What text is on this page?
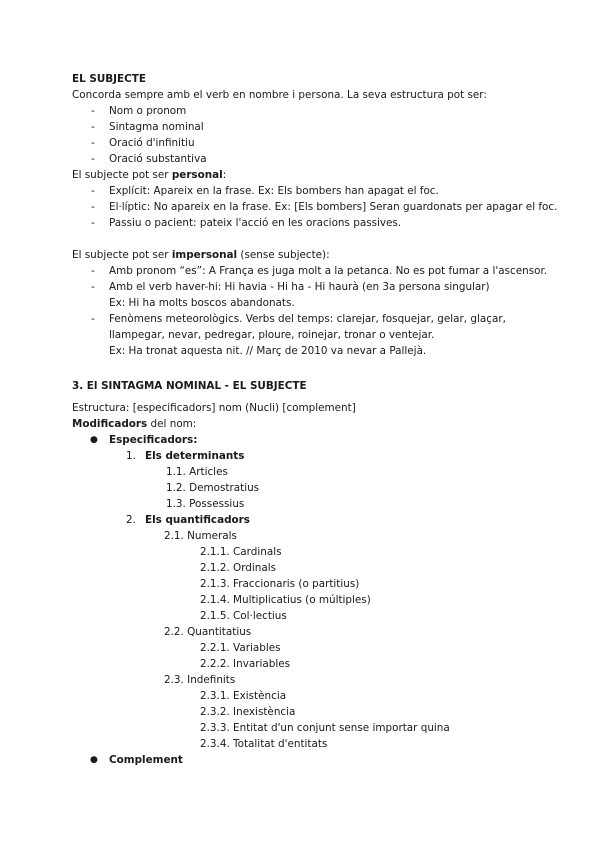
EL SUBJECTE
Concorda sempre amb el verb en nombre i persona. La seva estructura pot ser:
- Nom o pronom
- Sintagma nominal
- Oració d'infinitiu
- Oració substantiva
El subjecte pot ser personal:
- Explícit: Apareix en la frase. Ex: Els bombers han apagat el foc.
- El·líptic: No apareix en la frase. Ex: [Els bombers] Seran guardonats per apagar el foc.
- Passiu o pacient: pateix l'acció en les oracions passives.
El subjecte pot ser impersonal (sense subjecte):
- Amb pronom “es”: A França es juga molt a la petanca. No es pot fumar a l'ascensor.
- Amb el verb haver-hi: Hi havia - Hi ha - Hi haurà (en 3a persona singular)
Ex: Hi ha molts boscos abandonats.
- Fenòmens meteorològics. Verbs del temps: clarejar, fosquejar, gelar, glaçar,
llampegar, nevar, pedregar, ploure, roinejar, tronar o ventejar.
Ex: Ha tronat aquesta nit. // Març de 2010 va nevar a Pallejà.
3. El SINTAGMA NOMINAL - EL SUBJECTE
Estructura: [especificadors] nom (Nucli) [complement]
Modificadors del nom:
● Especificadors:
1. Els determinants
1.1. Articles
1.2. Demostratius
1.3. Possessius
2. Els quantificadors
2.1. Numerals
2.1.1. Cardinals
2.1.2. Ordinals
2.1.3. Fraccionaris (o partitius)
2.1.4. Multiplicatius (o múltiples)
2.1.5. Col·lectius
2.2. Quantitatius
2.2.1. Variables
2.2.2. Invariables
2.3. Indefinits
2.3.1. Existència
2.3.2. Inexistència
2.3.3. Entitat d'un conjunt sense importar quina
2.3.4. Totalitat d'entitats
● Complement
